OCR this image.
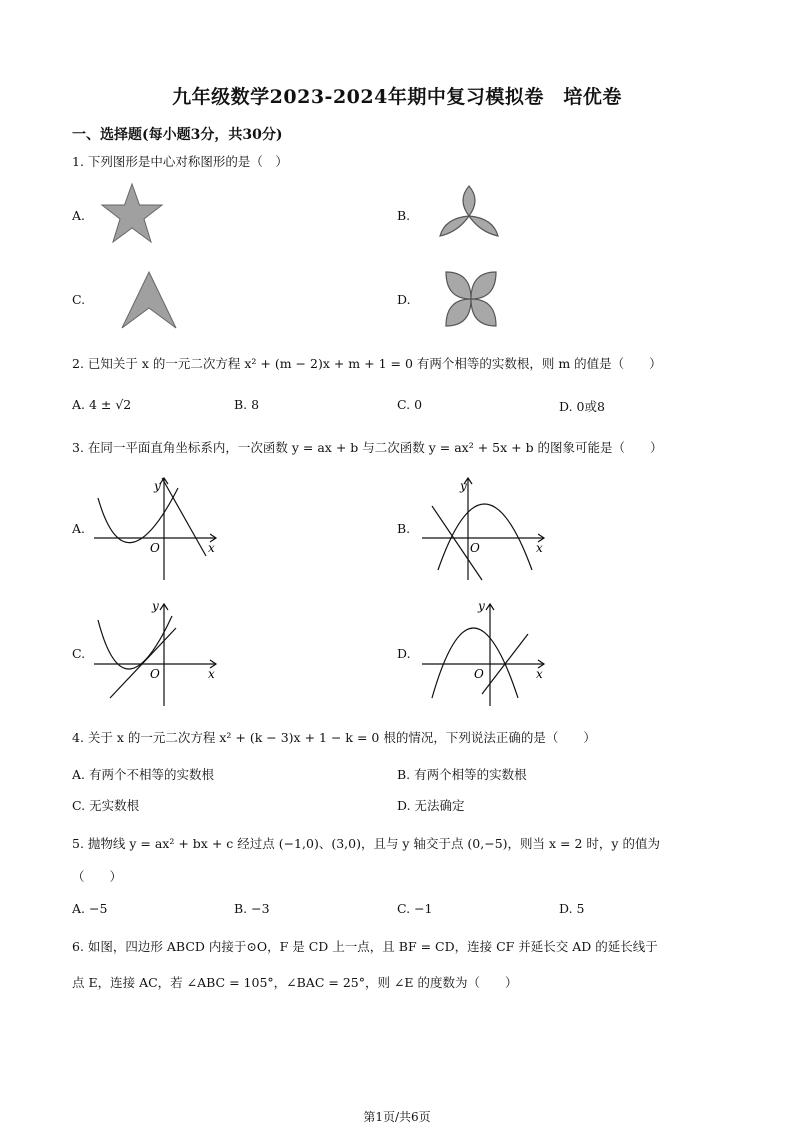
九年级数学2023-2024年期中复习模拟卷　培优卷
一、选择题(每小题3分，共30分)
1. 下列图形是中心对称图形的是（　）
A.	B.
C.	D.
2. 已知关于 x 的一元二次方程 x² + (m − 2)x + m + 1 = 0 有两个相等的实数根，则 m 的值是（　　）
A. 4 ± √2	B. 8	C. 0	D. 0或8
3. 在同一平面直角坐标系内，一次函数 y = ax + b 与二次函数 y = ax² + 5x + b 的图象可能是（　　）
A.	B.
C.	D.
y
x
O
y
x
O
y
x
O
y
x
O
4. 关于 x 的一元二次方程 x² + (k − 3)x + 1 − k = 0 根的情况，下列说法正确的是（　　）
A. 有两个不相等的实数根	B. 有两个相等的实数根
C. 无实数根	D. 无法确定
5. 抛物线 y = ax² + bx + c 经过点 (−1,0)、(3,0)，且与 y 轴交于点 (0,−5)，则当 x = 2 时，y 的值为
（　　）
A. −5	B. −3	C. −1	D. 5
6. 如图，四边形 ABCD 内接于⊙O，F 是 CD 上一点，且 BF = CD，连接 CF 并延长交 AD 的延长线于
点 E，连接 AC，若 ∠ABC = 105°，∠BAC = 25°，则 ∠E 的度数为（　　）
第1页/共6页
